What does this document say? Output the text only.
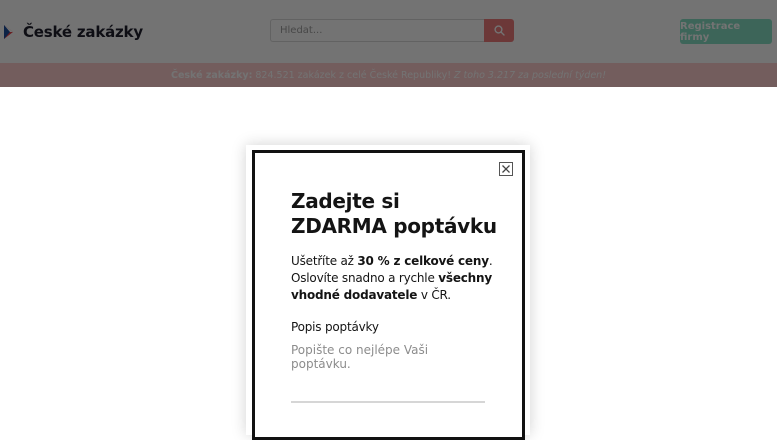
Hledat...
Zadejte si ZDARMA poptávku
Ušetříte až 30 % z celkové ceny. Oslovíte snadno a rychle všechny vhodné dodavatele v ČR.
Popis poptávky
Popište co nejlépe Vaši poptávku.
